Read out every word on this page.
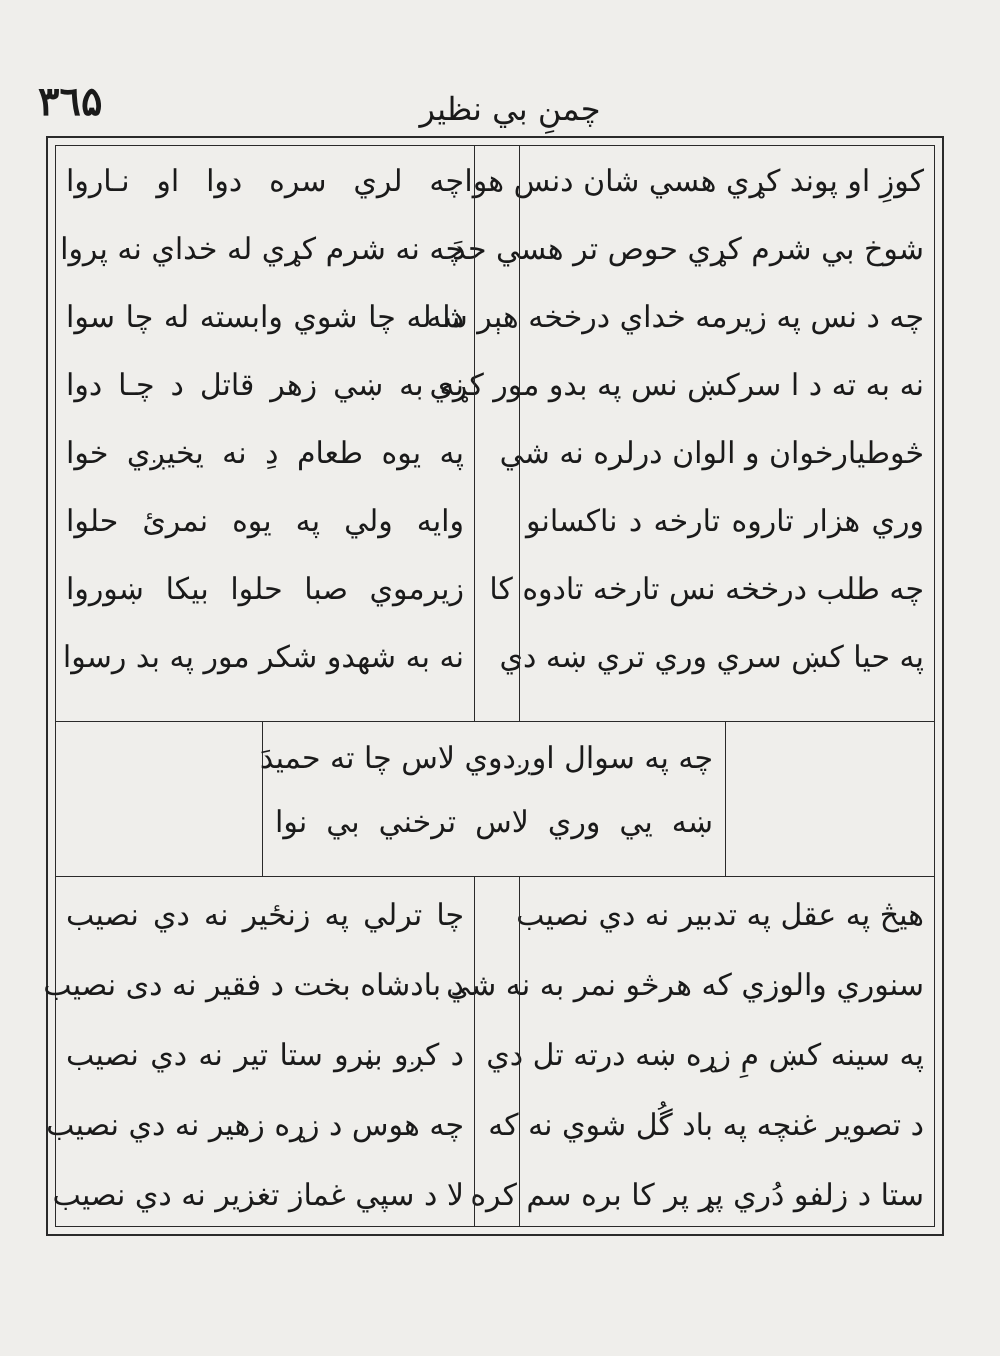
۳٦۵	چمنِ بي نظير
کوزِ او پوند کړي هسي شان دنس هوا
شوخ بي شرم کړي حوص تر هسي حدَ
چه د نس په زيرمه خداي درخخه هېر شه
نه به ته د ا سرکښ نس په بدو مور کړي
څوطيارخوان و الوان درلره نه شي
وري هزار تاروه تارخه د ناکسانو
چه طلب درخخه نس تارخه تادوه کا
په حيا کښ سري وري تري ښه دي
چه لري سره دوا او نـاروا
چه نه شرم کړي له خداي نه پروا
دا له چا شوي وابسته له چا سوا
نه به ښي زهر قاتل د چـا دوا
په يوه طعام دِ نه يخيږي خوا
وايه ولي په يوه نمرئ حلوا
زيرموي صبا حلوا بيکا ښوروا
نه به شهدو شکر مور په بد رسوا
چه په سوال اوږدوي لاس چا ته حميدَ
ښه يي وري لاس ترخني بي نوا
هيڅ په عقل په تدبير نه دي نصيب
سنوري والوزي که هرڅو نمر به نه شي
په سينه کښ مِ زړه ښه درته تل دي
د تصوير غنچه په باد گُل شوي نه که
ستا د زلفو دُري پړ پر کا بره سم کره
چا ترلي په زنځير نه دي نصيب
د بادشاه بخت د فقير نه دی نصيب
د کږو بڼرو ستا تير نه دي نصيب
چه هوس د زړه زهير نه دي نصيب
لا د سپي غماز تغزير نه دي نصيب
